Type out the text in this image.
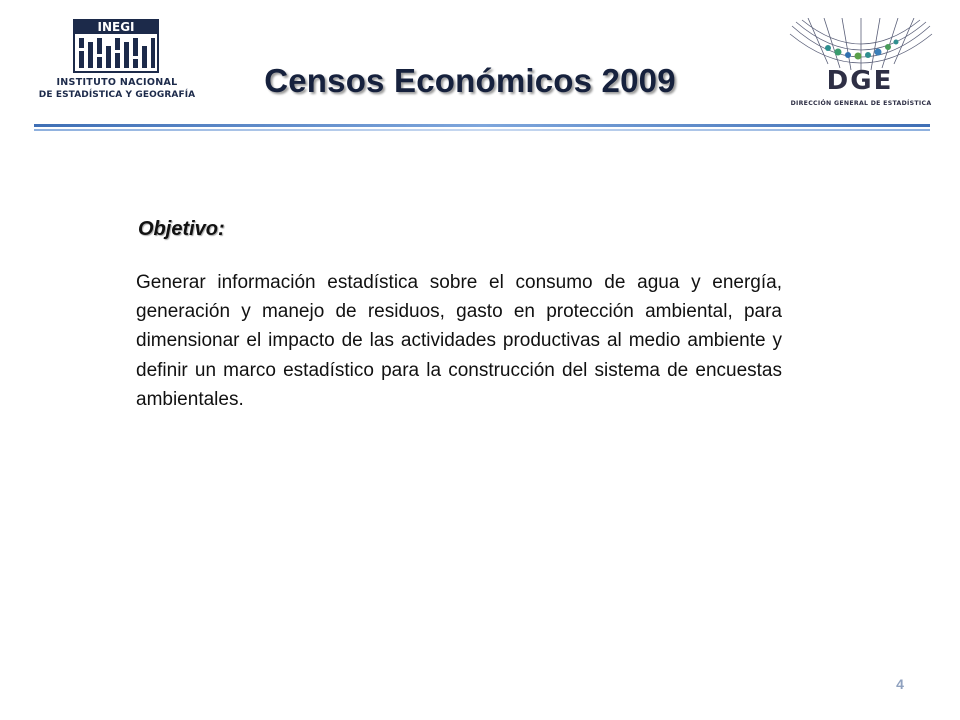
INEGI
INSTITUTO NACIONAL
DE ESTADÍSTICA Y GEOGRAFÍA	Censos Económicos 2009	DGE
DIRECCIÓN GENERAL DE ESTADÍSTICA
Objetivo:

Generar información estadística sobre el consumo de agua y energía, generación y manejo de residuos, gasto en protección ambiental, para dimensionar el impacto de las actividades productivas al medio ambiente y definir un marco estadístico para la construcción del sistema de encuestas ambientales.

4
